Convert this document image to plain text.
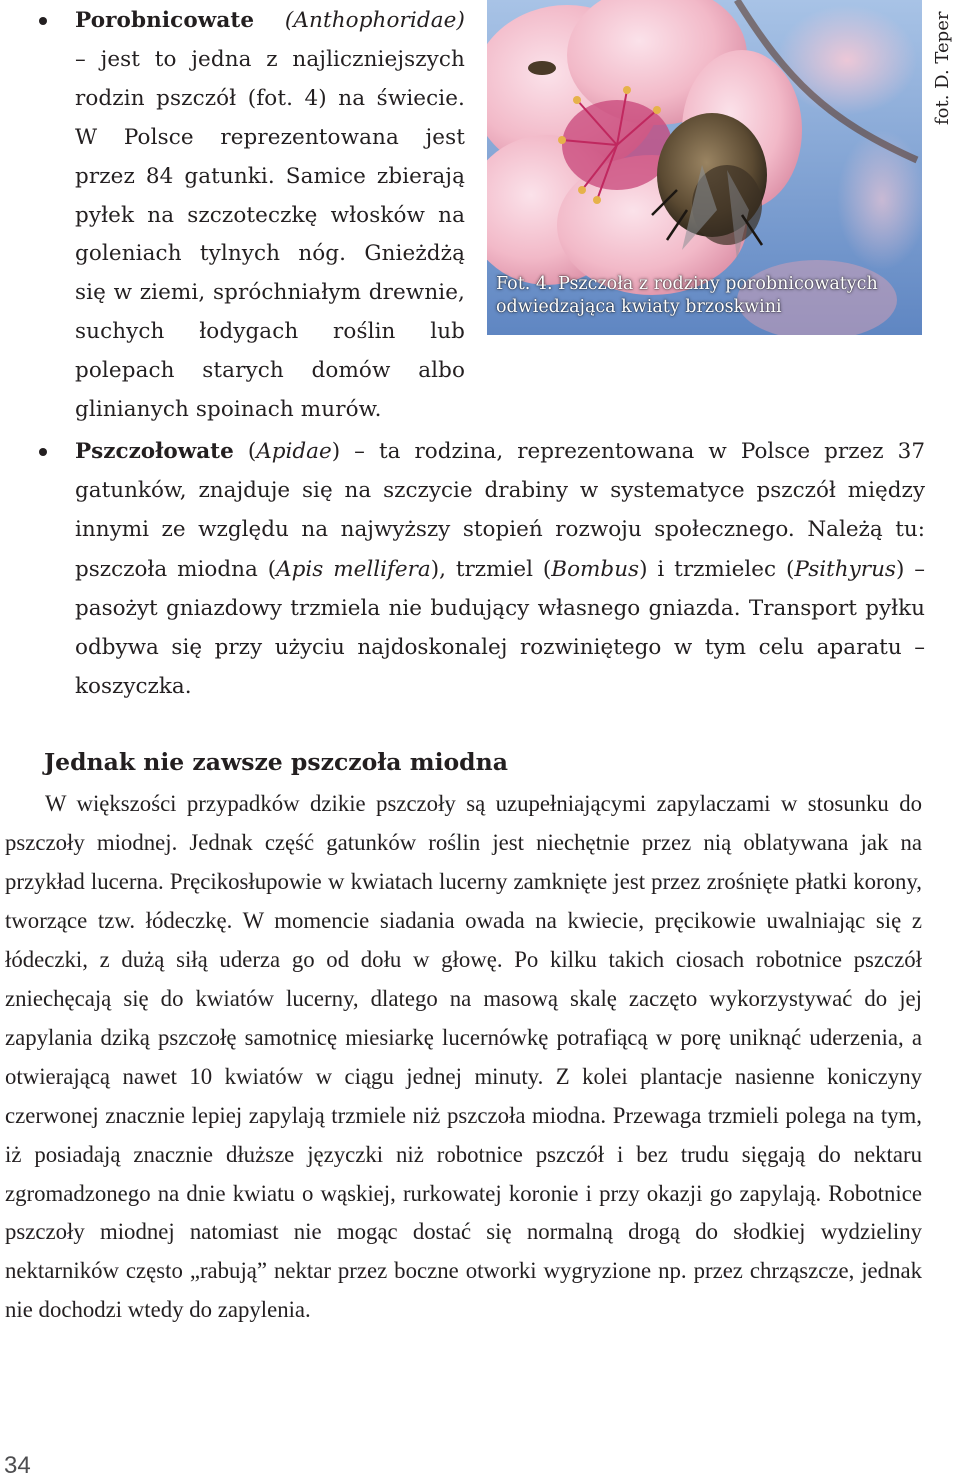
Porobnicowate (Anthophoridae) – jest to jedna z najliczniejszych rodzin pszczół (fot. 4) na świecie. W Polsce reprezentowana jest przez 84 gatunki. Samice zbierają pyłek na szczoteczkę włosków na goleniach tylnych nóg. Gnieżdżą się w ziemi, spróchniałym drewnie, suchych łodygach roślin lub polepach starych domów albo glinianych spoinach murów.

Fot. 4. Pszczoła z rodziny porobnicowatych
odwiedzająca kwiaty brzoskwini
fot. D. Teper

Pszczołowate (Apidae) – ta rodzina, reprezentowana w Polsce przez 37 gatunków, znajduje się na szczycie drabiny w systematyce pszczół między innymi ze względu na najwyższy stopień rozwoju społecznego. Należą tu: pszczoła miodna (Apis mellifera), trzmiel (Bombus) i trzmielec (Psithyrus) – pasożyt gniazdowy trzmiela nie budujący własnego gniazda. Transport pyłku odbywa się przy użyciu najdoskonalej rozwiniętego w tym celu aparatu – koszyczka.

Jednak nie zawsze pszczoła miodna

W większości przypadków dzikie pszczoły są uzupełniającymi zapylaczami w stosunku do pszczoły miodnej. Jednak część gatunków roślin jest niechętnie przez nią oblatywana jak na przykład lucerna. Pręcikosłupowie w kwiatach lucerny zamknięte jest przez zrośnięte płatki korony, tworzące tzw. łódeczkę. W momencie siadania owada na kwiecie, pręcikowie uwalniając się z łódeczki, z dużą siłą uderza go od dołu w głowę. Po kilku takich ciosach robotnice pszczół zniechęcają się do kwiatów lucerny, dlatego na masową skalę zaczęto wykorzystywać do jej zapylania dziką pszczołę samotnicę miesiarkę lucernówkę potrafiącą w porę uniknąć uderzenia, a otwierającą nawet 10 kwiatów w ciągu jednej minuty. Z kolei plantacje nasienne koniczyny czerwonej znacznie lepiej zapylają trzmiele niż pszczoła miodna. Przewaga trzmieli polega na tym, iż posiadają znacznie dłuższe języczki niż robotnice pszczół i bez trudu sięgają do nektaru zgromadzonego na dnie kwiatu o wąskiej, rurkowatej koronie i przy okazji go zapylają. Robotnice pszczoły miodnej natomiast nie mogąc dostać się normalną drogą do słodkiej wydzieliny nektarników często „rabują” nektar przez boczne otworki wygryzione np. przez chrząszcze, jednak nie dochodzi wtedy do zapylenia.

34
